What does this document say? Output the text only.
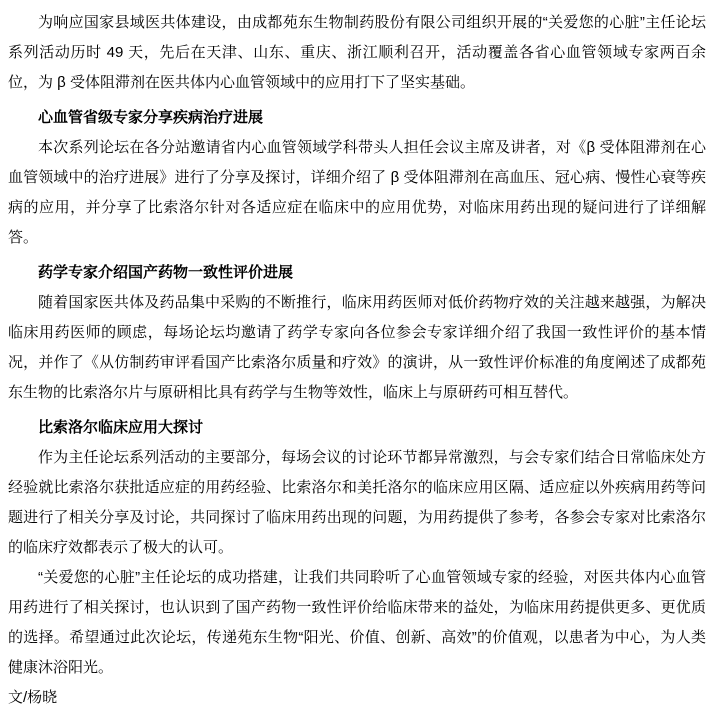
为响应国家县域医共体建设，由成都苑东生物制药股份有限公司组织开展的“关爱您的心脏”主任论坛系列活动历时 49 天，先后在天津、山东、重庆、浙江顺利召开，活动覆盖各省心血管领域专家两百余位，为 β 受体阻滞剂在医共体内心血管领域中的应用打下了坚实基础。

心血管省级专家分享疾病治疗进展

本次系列论坛在各分站邀请省内心血管领域学科带头人担任会议主席及讲者，对《β 受体阻滞剂在心血管领域中的治疗进展》进行了分享及探讨，详细介绍了 β 受体阻滞剂在高血压、冠心病、慢性心衰等疾病的应用，并分享了比索洛尔针对各适应症在临床中的应用优势，对临床用药出现的疑问进行了详细解答。

药学专家介绍国产药物一致性评价进展

随着国家医共体及药品集中采购的不断推行，临床用药医师对低价药物疗效的关注越来越强，为解决临床用药医师的顾虑，每场论坛均邀请了药学专家向各位参会专家详细介绍了我国一致性评价的基本情况，并作了《从仿制药审评看国产比索洛尔质量和疗效》的演讲，从一致性评价标准的角度阐述了成都苑东生物的比索洛尔片与原研相比具有药学与生物等效性，临床上与原研药可相互替代。

比索洛尔临床应用大探讨

作为主任论坛系列活动的主要部分，每场会议的讨论环节都异常激烈，与会专家们结合日常临床处方经验就比索洛尔获批适应症的用药经验、比索洛尔和美托洛尔的临床应用区隔、适应症以外疾病用药等问题进行了相关分享及讨论，共同探讨了临床用药出现的问题，为用药提供了参考，各参会专家对比索洛尔的临床疗效都表示了极大的认可。

“关爱您的心脏”主任论坛的成功搭建，让我们共同聆听了心血管领域专家的经验，对医共体内心血管用药进行了相关探讨，也认识到了国产药物一致性评价给临床带来的益处，为临床用药提供更多、更优质的选择。希望通过此次论坛，传递苑东生物“阳光、价值、创新、高效”的价值观，以患者为中心，为人类健康沐浴阳光。

文/杨晓
